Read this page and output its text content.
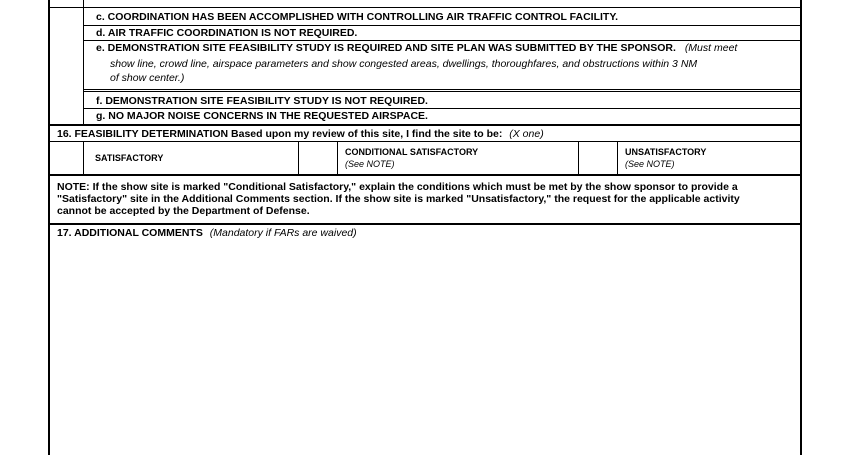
c. COORDINATION HAS BEEN ACCOMPLISHED WITH CONTROLLING AIR TRAFFIC CONTROL FACILITY.
d. AIR TRAFFIC COORDINATION IS NOT REQUIRED.
e. DEMONSTRATION SITE FEASIBILITY STUDY IS REQUIRED AND SITE PLAN WAS SUBMITTED BY THE SPONSOR. (Must meet
show line, crowd line, airspace parameters and show congested areas, dwellings, thoroughfares, and obstructions within 3 NM
of show center.)
f. DEMONSTRATION SITE FEASIBILITY STUDY IS NOT REQUIRED.
g. NO MAJOR NOISE CONCERNS IN THE REQUESTED AIRSPACE.
16. FEASIBILITY DETERMINATION Based upon my review of this site, I find the site to be: (X one)
SATISFACTORY
CONDITIONAL SATISFACTORY
(See NOTE)
UNSATISFACTORY
(See NOTE)
NOTE: If the show site is marked "Conditional Satisfactory," explain the conditions which must be met by the show sponsor to provide a
"Satisfactory" site in the Additional Comments section. If the show site is marked "Unsatisfactory," the request for the applicable activity
cannot be accepted by the Department of Defense.
17. ADDITIONAL COMMENTS (Mandatory if FARs are waived)
